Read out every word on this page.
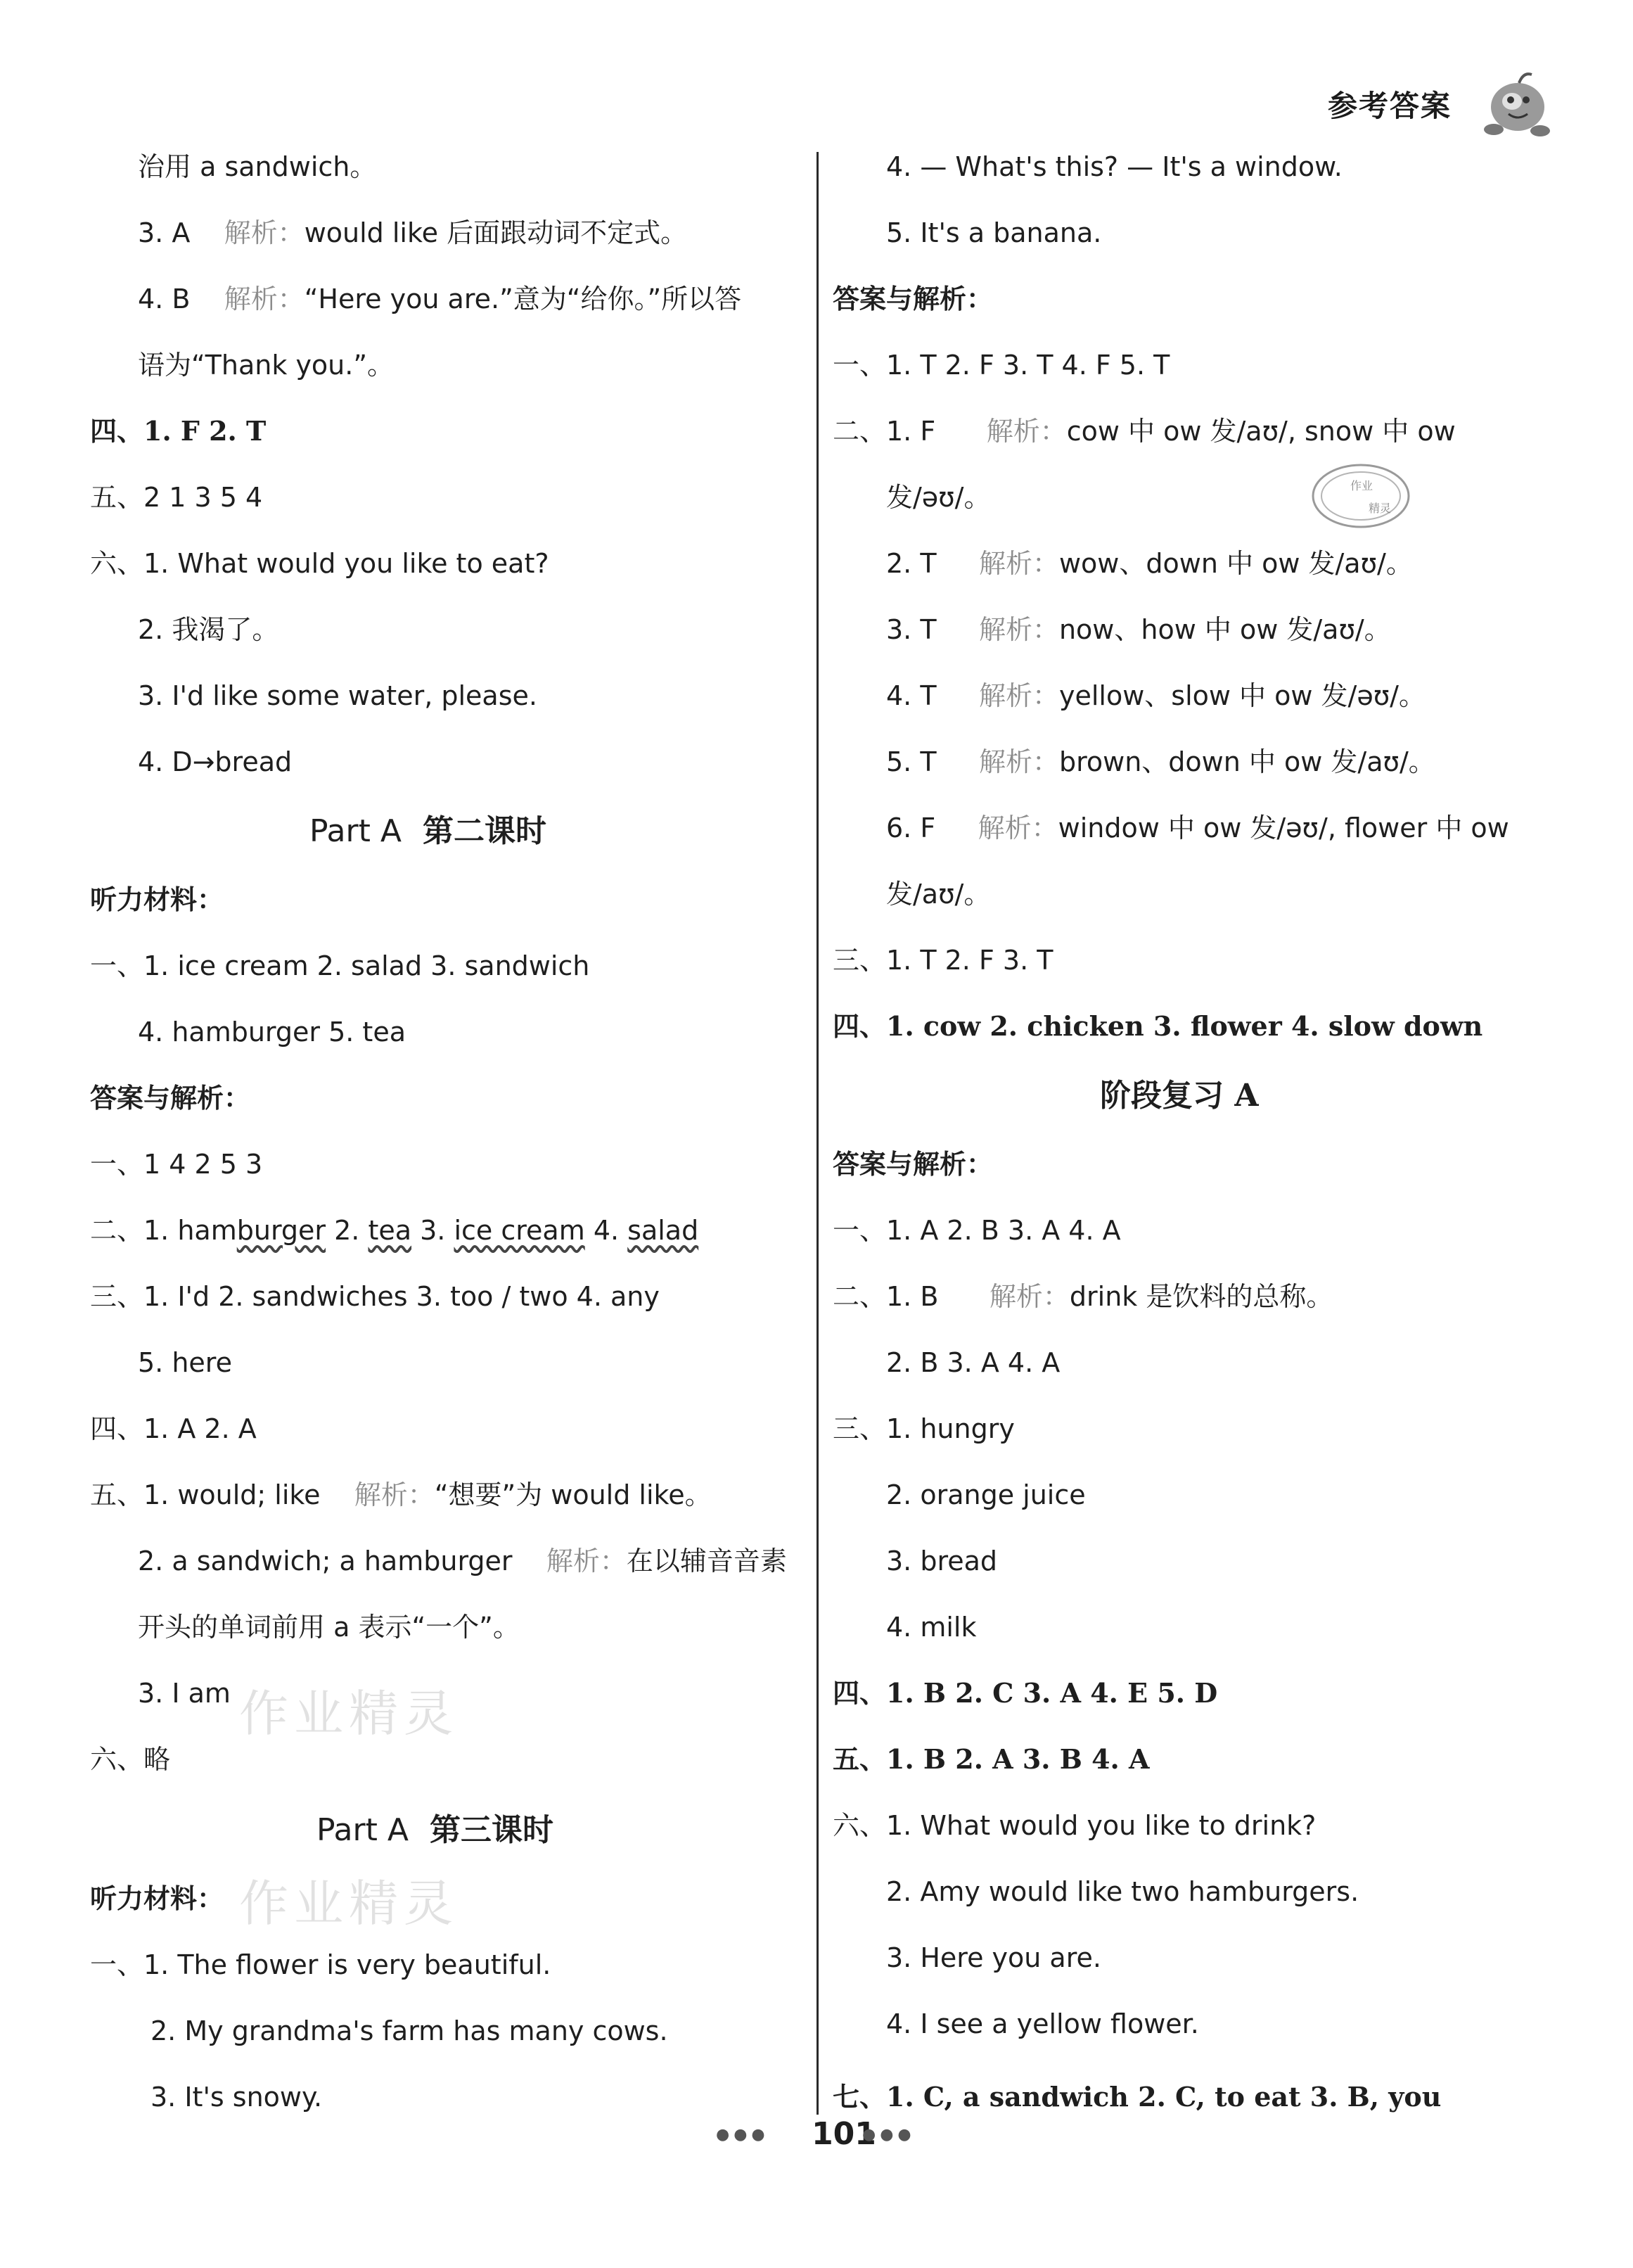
参考答案
治用 a sandwich。
3. A 解析：would like 后面跟动词不定式。
4. B 解析：“Here you are.”意为“给你。”所以答
语为“Thank you.”。
四、1. F 2. T
五、2 1 3 5 4
六、1. What would you like to eat?
2. 我渴了。
3. I'd like some water, please.
4. D→bread
Part A 第二课时
听力材料：
一、1. ice cream 2. salad 3. sandwich
4. hamburger 5. tea
答案与解析：
一、1 4 2 5 3
二、1. hamburger 2. tea 3. ice cream 4. salad
三、1. I'd 2. sandwiches 3. too / two 4. any
5. here
四、1. A 2. A
五、1. would; like 解析：“想要”为 would like。
2. a sandwich; a hamburger 解析：在以辅音音素
开头的单词前用 a 表示“一个”。
3. I am
六、略
Part A 第三课时
听力材料：
一、1. The flower is very beautiful.
2. My grandma's farm has many cows.
3. It's snowy.
作业精灵
作业精灵
4. — What's this? — It's a window.
5. It's a banana.
答案与解析：
一、1. T 2. F 3. T 4. F 5. T
二、1. F 解析：cow 中 ow 发/aʊ/, snow 中 ow
发/əʊ/。
2. T 解析：wow、down 中 ow 发/aʊ/。
3. T 解析：now、how 中 ow 发/aʊ/。
4. T 解析：yellow、slow 中 ow 发/əʊ/。
5. T 解析：brown、down 中 ow 发/aʊ/。
6. F 解析：window 中 ow 发/əʊ/, flower 中 ow
发/aʊ/。
三、1. T 2. F 3. T
四、1. cow 2. chicken 3. flower 4. slow down
阶段复习 A
答案与解析：
一、1. A 2. B 3. A 4. A
二、1. B 解析：drink 是饮料的总称。
2. B 3. A 4. A
三、1. hungry
2. orange juice
3. bread
4. milk
四、1. B 2. C 3. A 4. E 5. D
五、1. B 2. A 3. B 4. A
六、1. What would you like to drink?
2. Amy would like two hamburgers.
3. Here you are.
4. I see a yellow flower.
七、1. C, a sandwich 2. C, to eat 3. B, you
作业
精灵
●●●	101
●●●
